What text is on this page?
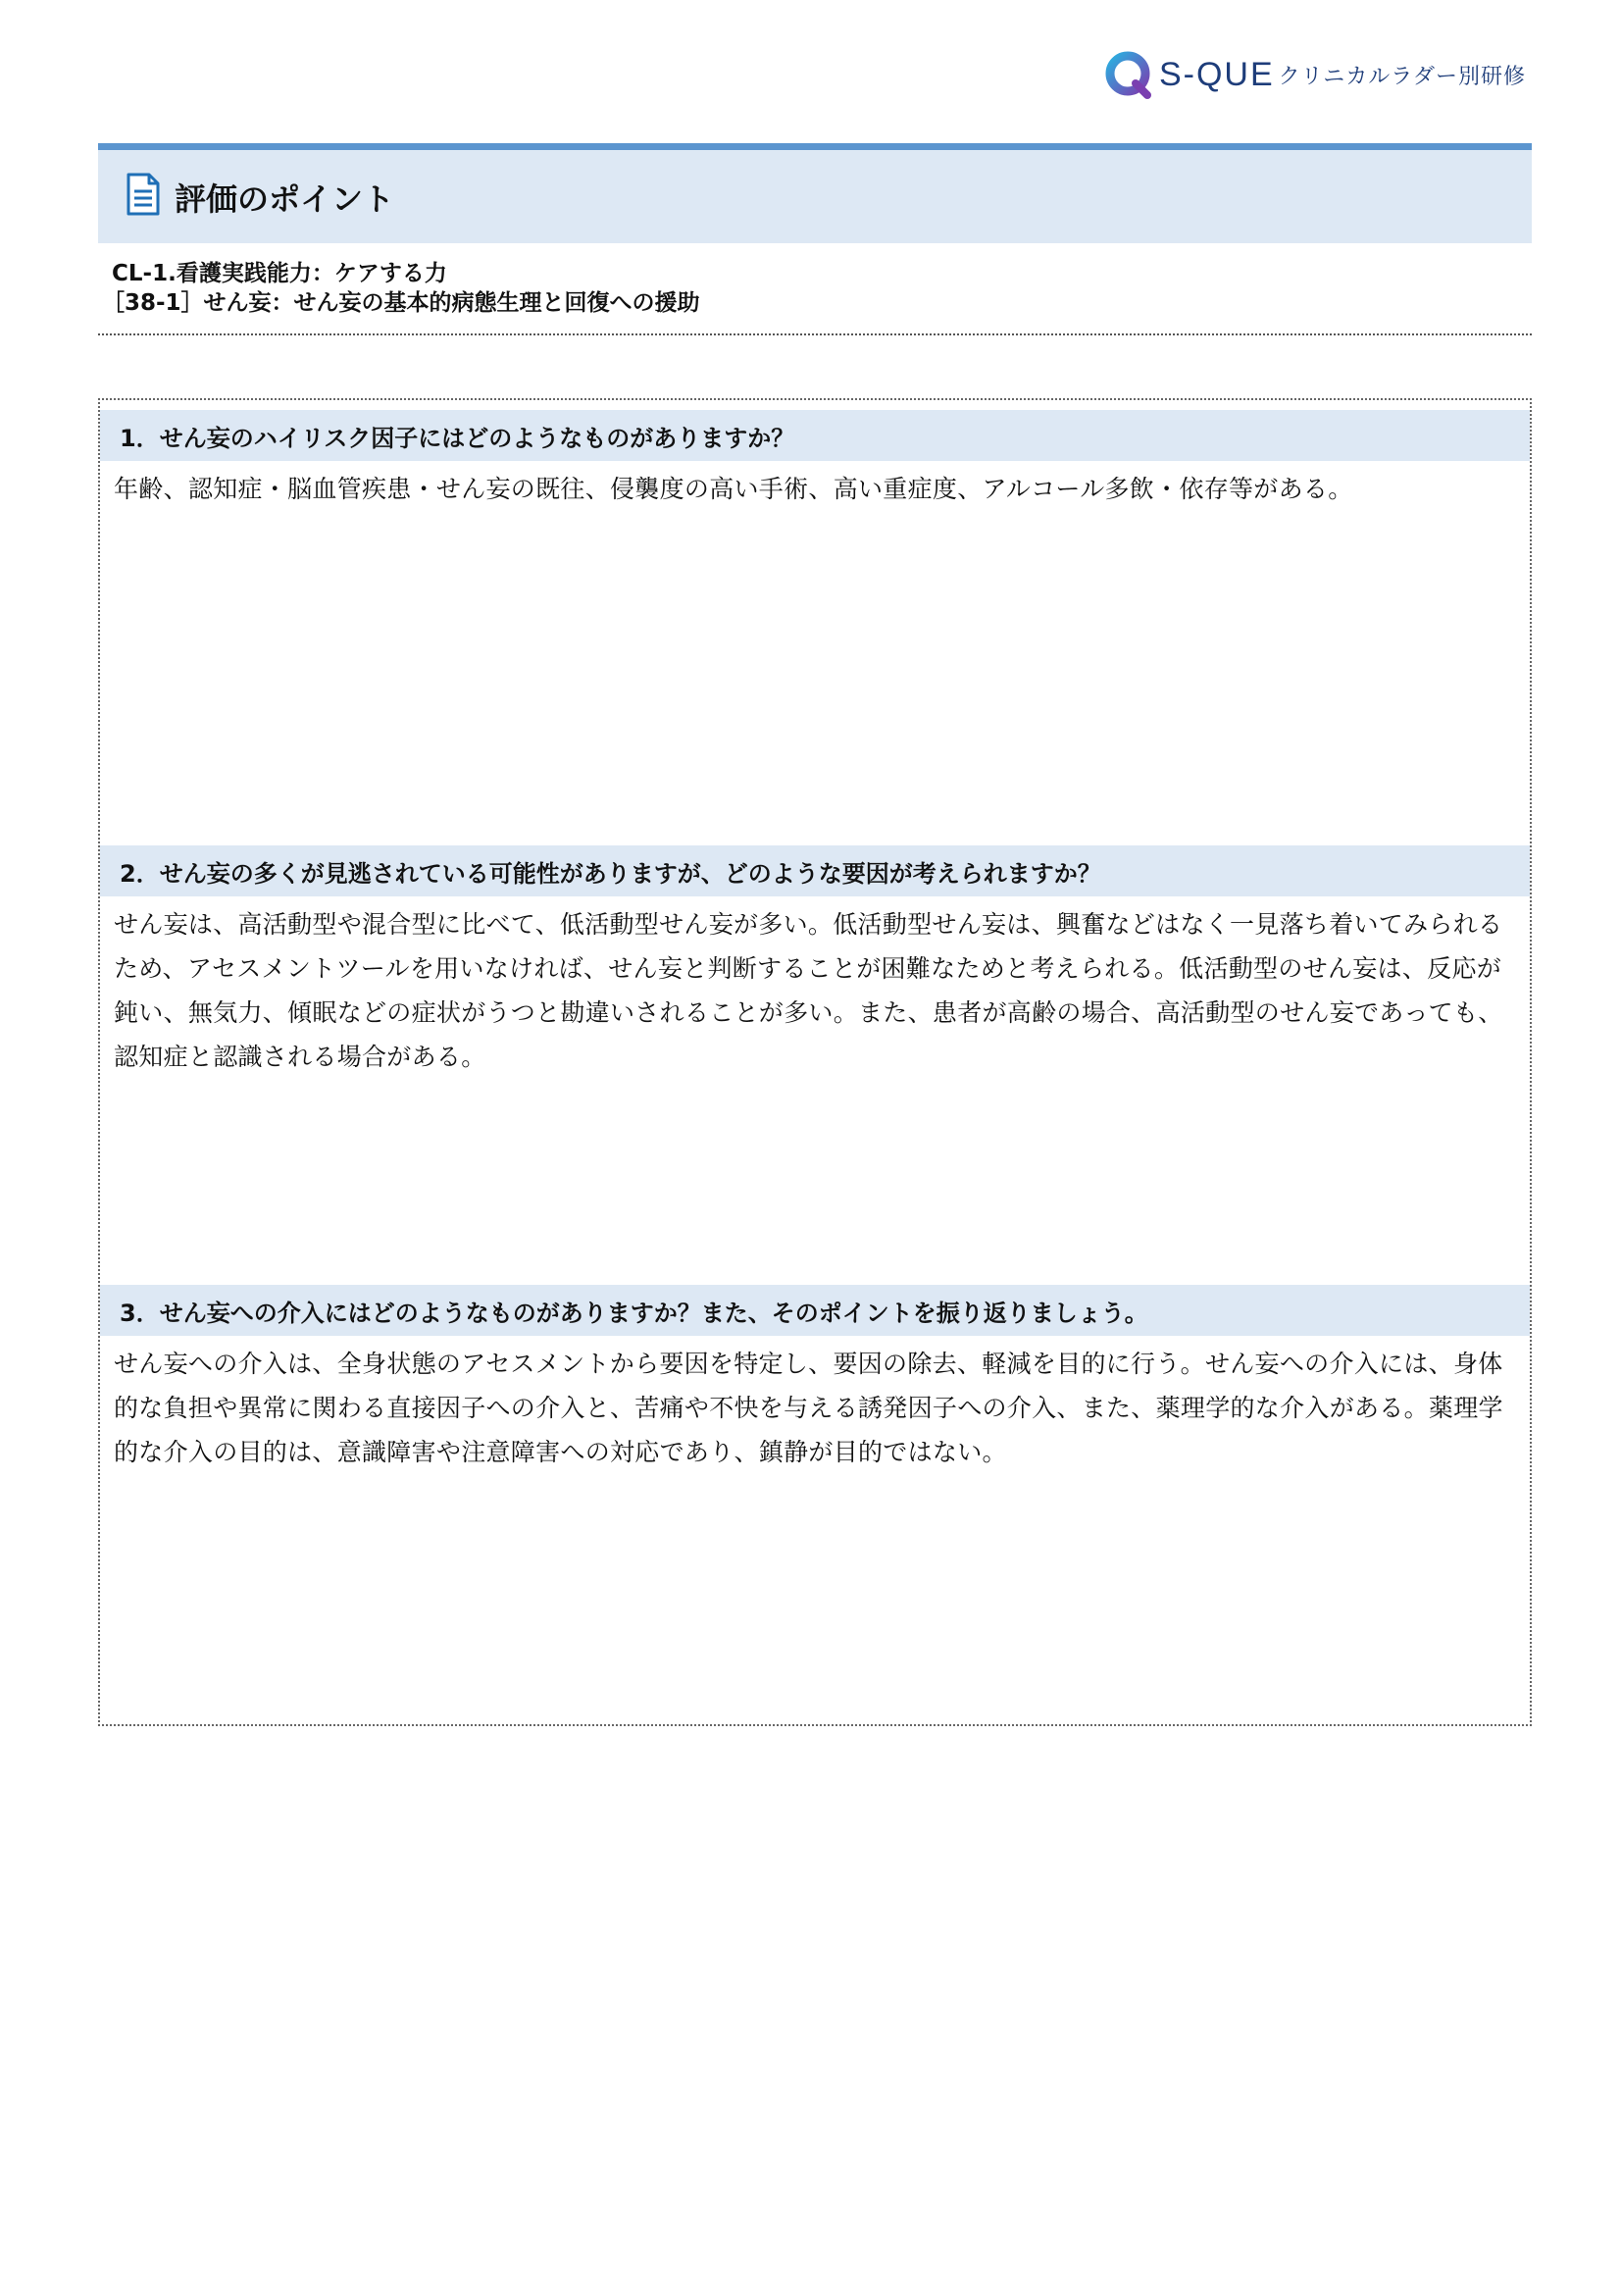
S-QUE クリニカルラダー別研修
評価のポイント
CL-1.看護実践能力：ケアする力
［38-1］せん妄：せん妄の基本的病態生理と回復への援助
1．せん妄のハイリスク因子にはどのようなものがありますか？
年齢、認知症・脳血管疾患・せん妄の既往、侵襲度の高い手術、高い重症度、アルコール多飲・依存等がある。
2．せん妄の多くが見逃されている可能性がありますが、どのような要因が考えられますか？
せん妄は、高活動型や混合型に比べて、低活動型せん妄が多い。低活動型せん妄は、興奮などはなく一見落ち着いてみられるため、アセスメントツールを用いなければ、せん妄と判断することが困難なためと考えられる。低活動型のせん妄は、反応が鈍い、無気力、傾眠などの症状がうつと勘違いされることが多い。また、患者が高齢の場合、高活動型のせん妄であっても、認知症と認識される場合がある。
3．せん妄への介入にはどのようなものがありますか？また、そのポイントを振り返りましょう。
せん妄への介入は、全身状態のアセスメントから要因を特定し、要因の除去、軽減を目的に行う。せん妄への介入には、身体的な負担や異常に関わる直接因子への介入と、苦痛や不快を与える誘発因子への介入、また、薬理学的な介入がある。薬理学的な介入の目的は、意識障害や注意障害への対応であり、鎮静が目的ではない。
